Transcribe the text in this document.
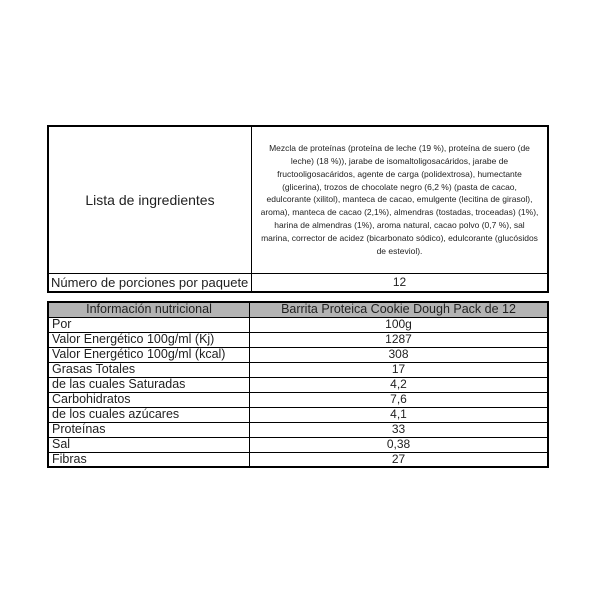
Lista de ingredientes	Mezcla de proteínas (proteína de leche (19 %), proteína de suero (de leche) (18 %)), jarabe de isomaltoligosacáridos, jarabe de fructooligosacáridos, agente de carga (polidextrosa), humectante (glicerina), trozos de chocolate negro (6,2 %) (pasta de cacao, edulcorante (xilitol), manteca de cacao, emulgente (lecitina de girasol), aroma), manteca de cacao (2,1%), almendras (tostadas, troceadas) (1%), harina de almendras (1%), aroma natural, cacao polvo (0,7 %), sal marina, corrector de acidez (bicarbonato sódico), edulcorante (glucósidos de esteviol).
Número de porciones por paquete	12
Información nutricional	Barrita Proteica Cookie Dough Pack de 12
Por	100g
Valor Energético 100g/ml (Kj)	1287
Valor Energético 100g/ml (kcal)	308
Grasas Totales	17
de las cuales Saturadas	4,2
Carbohidratos	7,6
de los cuales azúcares	4,1
Proteínas	33
Sal	0,38
Fibras	27
